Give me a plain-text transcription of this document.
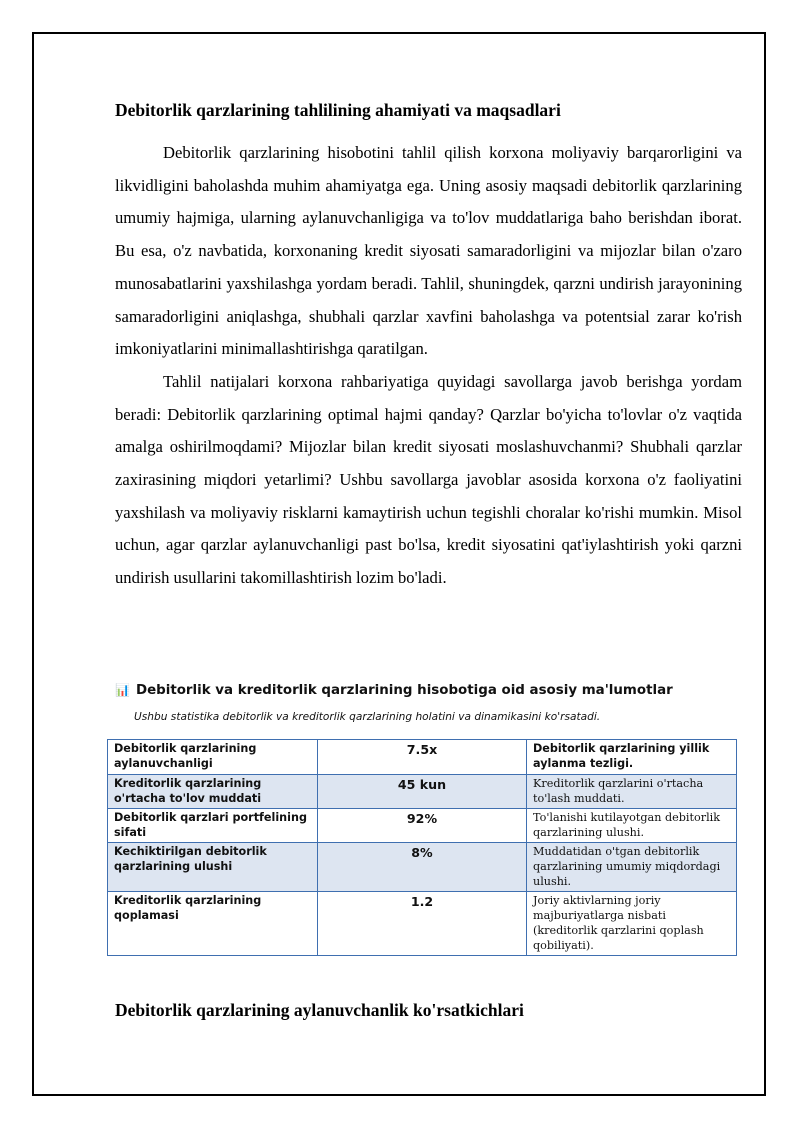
Debitorlik qarzlarining tahlilining ahamiyati va maqsadlari

Debitorlik qarzlarining hisobotini tahlil qilish korxona moliyaviy barqarorligini va likvidligini baholashda muhim ahamiyatga ega. Uning asosiy maqsadi debitorlik qarzlarining umumiy hajmiga, ularning aylanuvchanligiga va to'lov muddatlariga baho berishdan iborat. Bu esa, o'z navbatida, korxonaning kredit siyosati samaradorligini va mijozlar bilan o'zaro munosabatlarini yaxshilashga yordam beradi. Tahlil, shuningdek, qarzni undirish jarayonining samaradorligini aniqlashga, shubhali qarzlar xavfini baholashga va potentsial zarar ko'rish imkoniyatlarini minimallashtirishga qaratilgan.

Tahlil natijalari korxona rahbariyatiga quyidagi savollarga javob berishga yordam beradi: Debitorlik qarzlarining optimal hajmi qanday? Qarzlar bo'yicha to'lovlar o'z vaqtida amalga oshirilmoqdami? Mijozlar bilan kredit siyosati moslashuvchanmi? Shubhali qarzlar zaxirasining miqdori yetarlimi? Ushbu savollarga javoblar asosida korxona o'z faoliyatini yaxshilash va moliyaviy risklarni kamaytirish uchun tegishli choralar ko'rishi mumkin. Misol uchun, agar qarzlar aylanuvchanligi past bo'lsa, kredit siyosatini qat'iylashtirish yoki qarzni undirish usullarini takomillashtirish lozim bo'ladi.

📊 Debitorlik va kreditorlik qarzlarining hisobotiga oid asosiy ma'lumotlar
Ushbu statistika debitorlik va kreditorlik qarzlarining holatini va dinamikasini ko'rsatadi.
Debitorlik qarzlarining aylanuvchanligi	7.5x	Debitorlik qarzlarining yillik aylanma tezligi.
Kreditorlik qarzlarining o'rtacha to'lov muddati	45 kun	Kreditorlik qarzlarini o'rtacha to'lash muddati.
Debitorlik qarzlari portfelining sifati	92%	To'lanishi kutilayotgan debitorlik qarzlarining ulushi.
Kechiktirilgan debitorlik qarzlarining ulushi	8%	Muddatidan o'tgan debitorlik qarzlarining umumiy miqdordagi ulushi.
Kreditorlik qarzlarining qoplamasi	1.2	Joriy aktivlarning joriy majburiyatlarga nisbati (kreditorlik qarzlarini qoplash qobiliyati).
Debitorlik qarzlarining aylanuvchanlik ko'rsatkichlari
